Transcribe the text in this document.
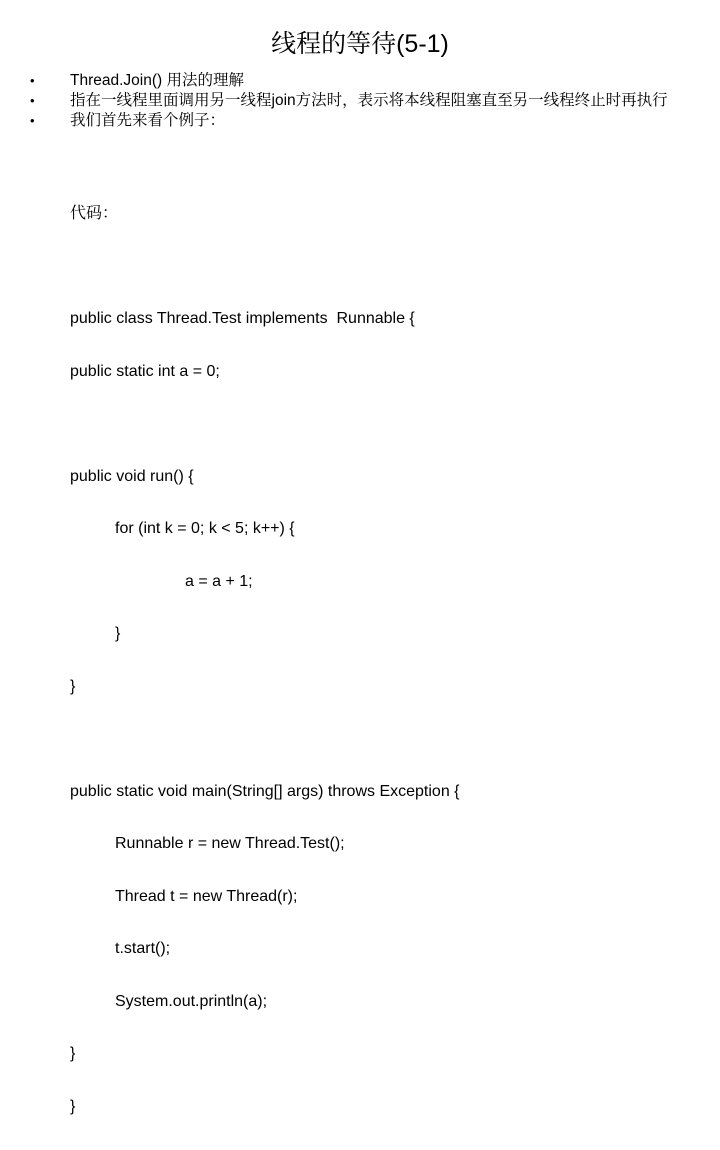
线程的等待(5-1)
•	Thread.Join() 用法的理解
•	指在一线程里面调用另一线程join方法时，表示将本线程阻塞直至另一线程终止时再执行
•	我们首先来看个例子：

代码：

public class Thread.Test implements  Runnable {

public static int a = 0;

public void run() {

for (int k = 0; k < 5; k++) {

a = a + 1;

}

}

public static void main(String[] args) throws Exception {

Runnable r = new Thread.Test();

Thread t = new Thread(r);

t.start();

System.out.println(a);

}

}
